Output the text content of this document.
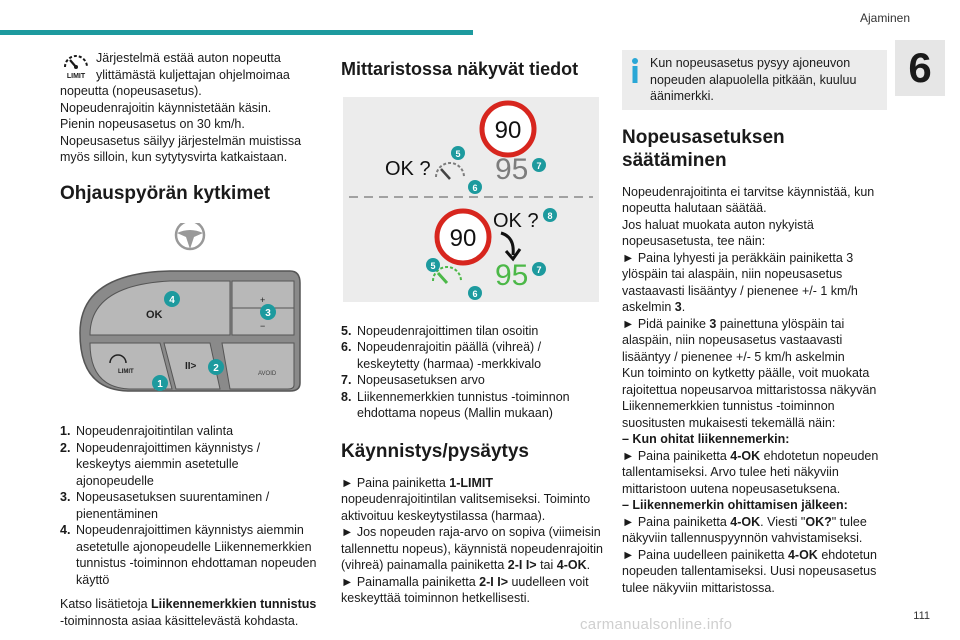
Ajaminen
6
LIMIT

Järjestelmä estää auton nopeutta ylittämästä kuljettajan ohjelmoimaa

nopeutta (nopeusasetus).

Nopeudenrajoitin käynnistetään käsin.

Pienin nopeusasetus on 30 km/h.

Nopeusasetus säilyy järjestelmän muistissa myös silloin, kun sytytysvirta katkaistaan.

Ohjauspyörän kytkimet
OK
LIMIT	II>
+
−
AVOID
4
3
2
1
1. Nopeudenrajoitintilan valinta
2. Nopeudenrajoittimen käynnistys / keskeytys aiemmin asetetulle ajonopeudelle
3. Nopeusasetuksen suurentaminen / pienentäminen
4. Nopeudenrajoittimen käynnistys aiemmin asetetulle ajonopeudelle Liikennemerkkien tunnistus -toiminnon ehdottaman nopeuden käyttö

Katso lisätietoja Liikennemerkkien tunnistus -toiminnosta asiaa käsittelevästä kohdasta.

Mittaristossa näkyvät tiedot
90
OK ? 95
5
6
7
90
OK ? 8
95
5
6
7
5. Nopeudenrajoittimen tilan osoitin
6. Nopeudenrajoitin päällä (vihreä) / keskeytetty (harmaa) -merkkivalo
7. Nopeusasetuksen arvo
8. Liikennemerkkien tunnistus -toiminnon ehdottama nopeus (Mallin mukaan)
Käynnistys/pysäytys

► Paina painiketta 1-LIMIT nopeudenrajoitintilan valitsemiseksi. Toiminto aktivoituu keskeytystilassa (harmaa).

► Jos nopeuden raja-arvo on sopiva (viimeisin tallennettu nopeus), käynnistä nopeudenrajoitin (vihreä) painamalla painiketta 2-I I> tai 4-OK.

► Painamalla painiketta 2-I I> uudelleen voit keskeyttää toiminnon hetkellisesti.

Kun nopeusasetus pysyy ajoneuvon nopeuden alapuolella pitkään, kuuluu äänimerkki.

Nopeusasetuksen säätäminen

Nopeudenrajoitinta ei tarvitse käynnistää, kun nopeutta halutaan säätää.

Jos haluat muokata auton nykyistä nopeusasetusta, tee näin:

► Paina lyhyesti ja peräkkäin painiketta 3 ylöspäin tai alaspäin, niin nopeusasetus vastaavasti lisääntyy / pienenee +/- 1 km/h askelmin 3.

► Pidä painike 3 painettuna ylöspäin tai alaspäin, niin nopeusasetus vastaavasti lisääntyy / pienenee +/- 5 km/h askelmin

Kun toiminto on kytketty päälle, voit muokata rajoitettua nopeusarvoa mittaristossa näkyvän Liikennemerkkien tunnistus -toiminnon suositusten mukaisesti tekemällä näin:

– Kun ohitat liikennemerkin:

► Paina painiketta 4-OK ehdotetun nopeuden tallentamiseksi. Arvo tulee heti näkyviin mittaristoon uutena nopeusasetuksena.

– Liikennemerkin ohittamisen jälkeen:

► Paina painiketta 4-OK. Viesti "OK?" tulee näkyviin tallennuspyynnön vahvistamiseksi.

► Paina uudelleen painiketta 4-OK ehdotetun nopeuden tallentamiseksi. Uusi nopeusasetus tulee näkyviin mittaristossa.

111
carmanualsonline.info
